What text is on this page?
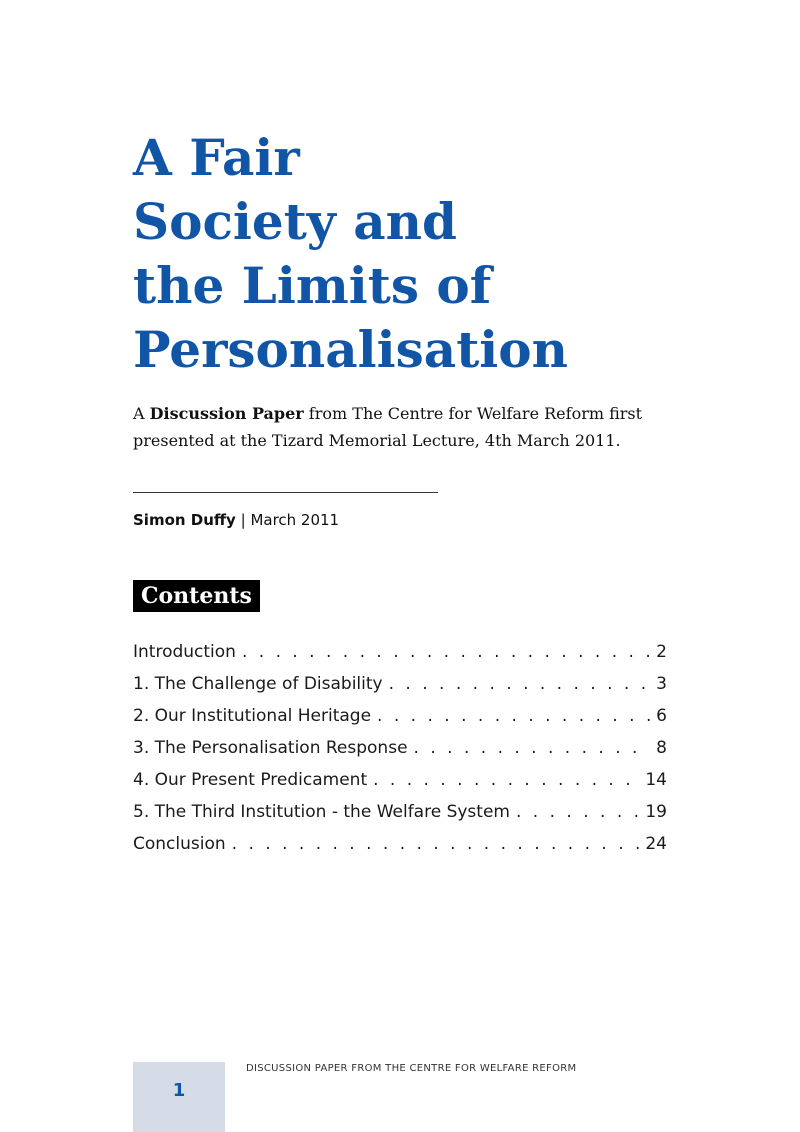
A Fair
Society and
the Limits of
Personalisation
A Discussion Paper from The Centre for Welfare Reform first presented at the Tizard Memorial Lecture, 4th March 2011.
Simon Duffy | March 2011
Contents
Introduction . . .	2
1. The Challenge of Disability . . .	3
2. Our Institutional Heritage . . .	6
3. The Personalisation Response . . .	8
4. Our Present Predicament . . .	14
5. The Third Institution - the Welfare System . . .	19
Conclusion . . .	24
DISCUSSION PAPER FROM THE CENTRE FOR WELFARE REFORM
1
